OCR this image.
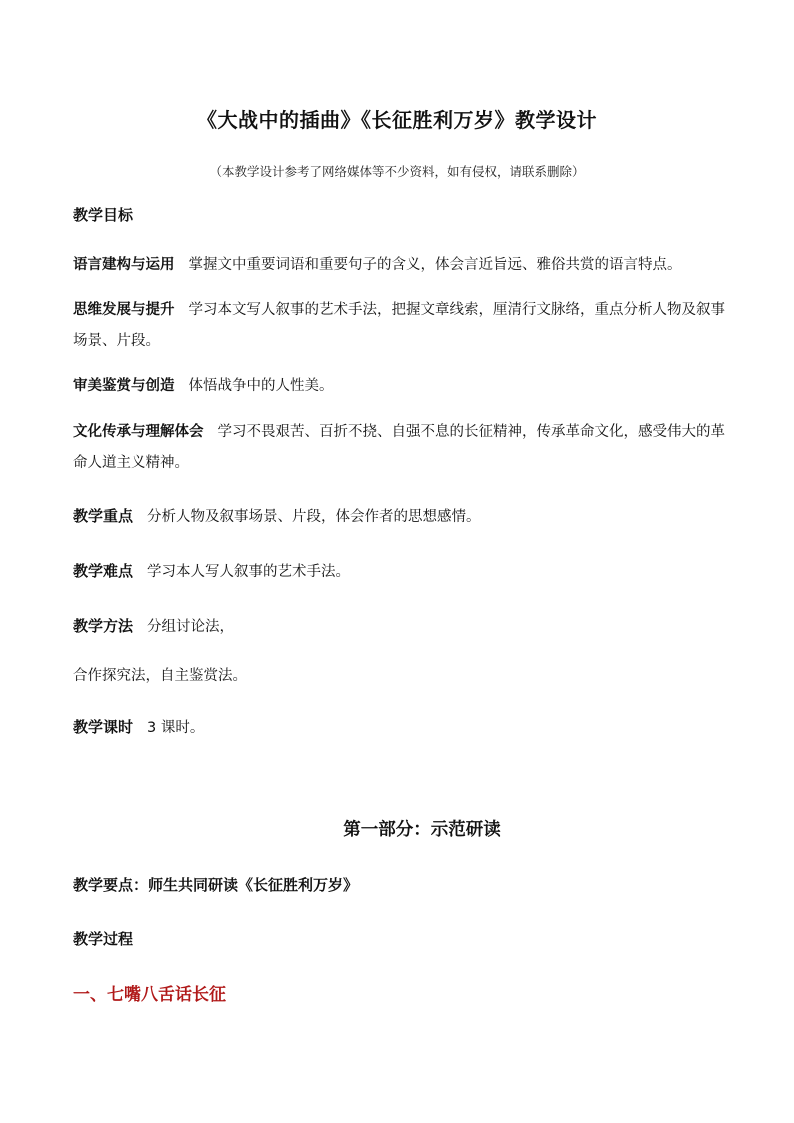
《大战中的插曲》《长征胜利万岁》教学设计
（本教学设计参考了网络媒体等不少资料，如有侵权，请联系删除）
教学目标
语言建构与运用 掌握文中重要词语和重要句子的含义，体会言近旨远、雅俗共赏的语言特点。
思维发展与提升 学习本文写人叙事的艺术手法，把握文章线索，厘清行文脉络，重点分析人物及叙事场景、片段。
审美鉴赏与创造 体悟战争中的人性美。
文化传承与理解体会 学习不畏艰苦、百折不挠、自强不息的长征精神，传承革命文化，感受伟大的革命人道主义精神。
教学重点 分析人物及叙事场景、片段，体会作者的思想感情。
教学难点 学习本人写人叙事的艺术手法。
教学方法 分组讨论法，
合作探究法，自主鉴赏法。
教学课时 3 课时。
第一部分：示范研读
教学要点：师生共同研读《长征胜利万岁》
教学过程
一、七嘴八舌话长征
